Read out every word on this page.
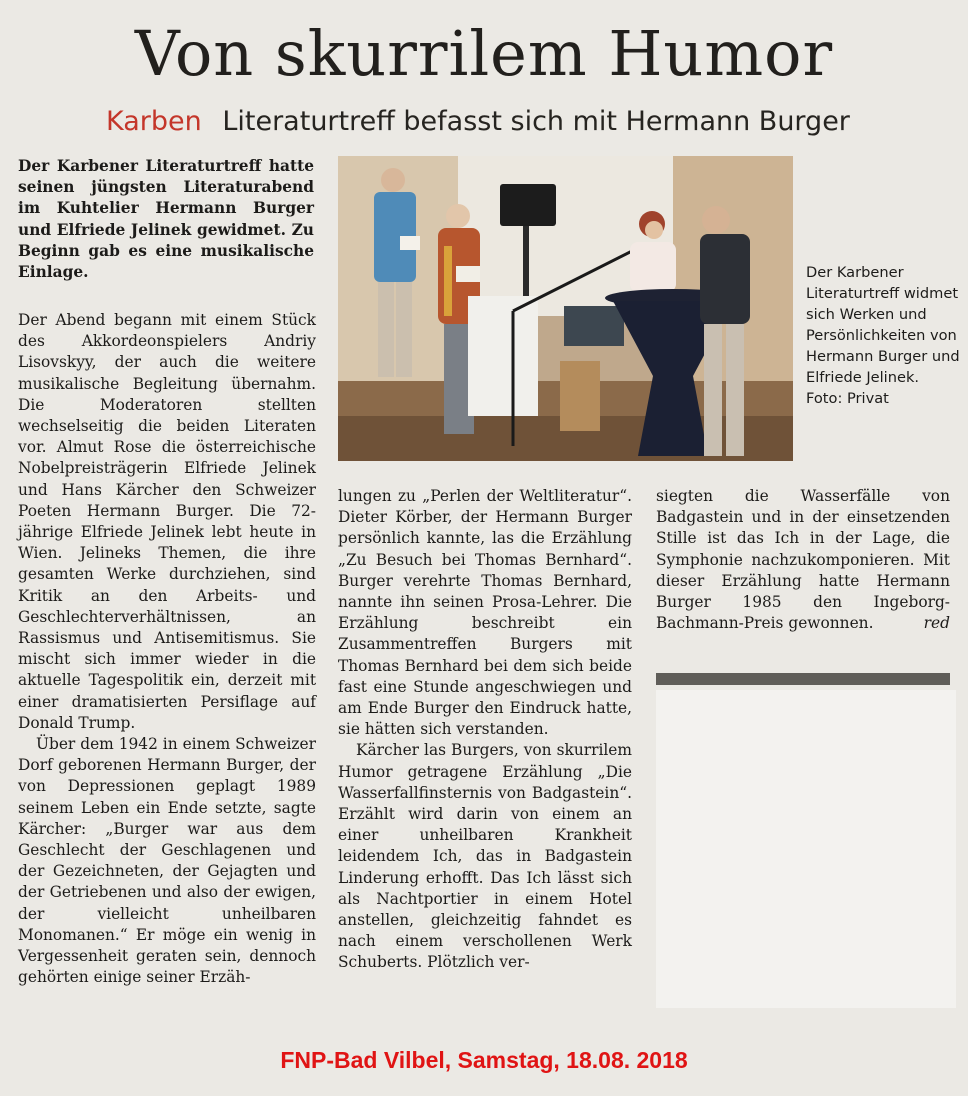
Von skurrilem Humor
Karben Literaturtreff befasst sich mit Hermann Burger

Der Karbener Literaturtreff hatte seinen jüngsten Literaturabend im Kuhtelier Hermann Burger und Elfriede Jelinek gewidmet. Zu Beginn gab es eine musikalische Einlage.

Der Abend begann mit einem Stück des Akkordeonspielers Andriy Lisovskyy, der auch die weitere musikalische Begleitung übernahm. Die Moderatoren stellten wechselseitig die beiden Literaten vor. Almut Rose die österreichische Nobelpreisträgerin Elfriede Jelinek und Hans Kärcher den Schweizer Poeten Hermann Burger. Die 72-jährige Elfriede Jelinek lebt heute in Wien. Jelineks Themen, die ihre gesamten Werke durchziehen, sind Kritik an den Arbeits- und Geschlechterverhältnissen, an Rassismus und Antisemitismus. Sie mischt sich immer wieder in die aktuelle Tagespolitik ein, derzeit mit einer dramatisierten Persiflage auf Donald Trump.

Über dem 1942 in einem Schweizer Dorf geborenen Hermann Burger, der von Depressionen geplagt 1989 seinem Leben ein Ende setzte, sagte Kärcher: „Burger war aus dem Geschlecht der Geschlagenen und der Gezeichneten, der Gejagten und der Getriebenen und also der ewigen, der vielleicht unheilbaren Monomanen.“ Er möge ein wenig in Vergessenheit geraten sein, dennoch gehörten einige seiner Erzäh-

Der Karbener Literaturtreff widmet sich Werken und Persönlichkeiten von Hermann Burger und Elfriede Jelinek.

Foto: Privat

lungen zu „Perlen der Weltliteratur“. Dieter Körber, der Hermann Burger persönlich kannte, las die Erzählung „Zu Besuch bei Thomas Bernhard“. Burger verehrte Thomas Bernhard, nannte ihn seinen Prosa-Lehrer. Die Erzählung beschreibt ein Zusammentreffen Burgers mit Thomas Bernhard bei dem sich beide fast eine Stunde angeschwiegen und am Ende Burger den Eindruck hatte, sie hätten sich verstanden.

Kärcher las Burgers, von skurrilem Humor getragene Erzählung „Die Wasserfallfinsternis von Badgastein“. Erzählt wird darin von einem an einer unheilbaren Krankheit leidendem Ich, das in Badgastein Linderung erhofft. Das Ich lässt sich als Nachtportier in einem Hotel anstellen, gleichzeitig fahndet es nach einem verschollenen Werk Schuberts. Plötzlich ver-

siegten die Wasserfälle von Badgastein und in der einsetzenden Stille ist das Ich in der Lage, die Symphonie nachzukomponieren. Mit dieser Erzählung hatte Hermann Burger 1985 den Ingeborg-Bachmann-Preis gewonnen.	red

FNP-Bad Vilbel, Samstag, 18.08. 2018
